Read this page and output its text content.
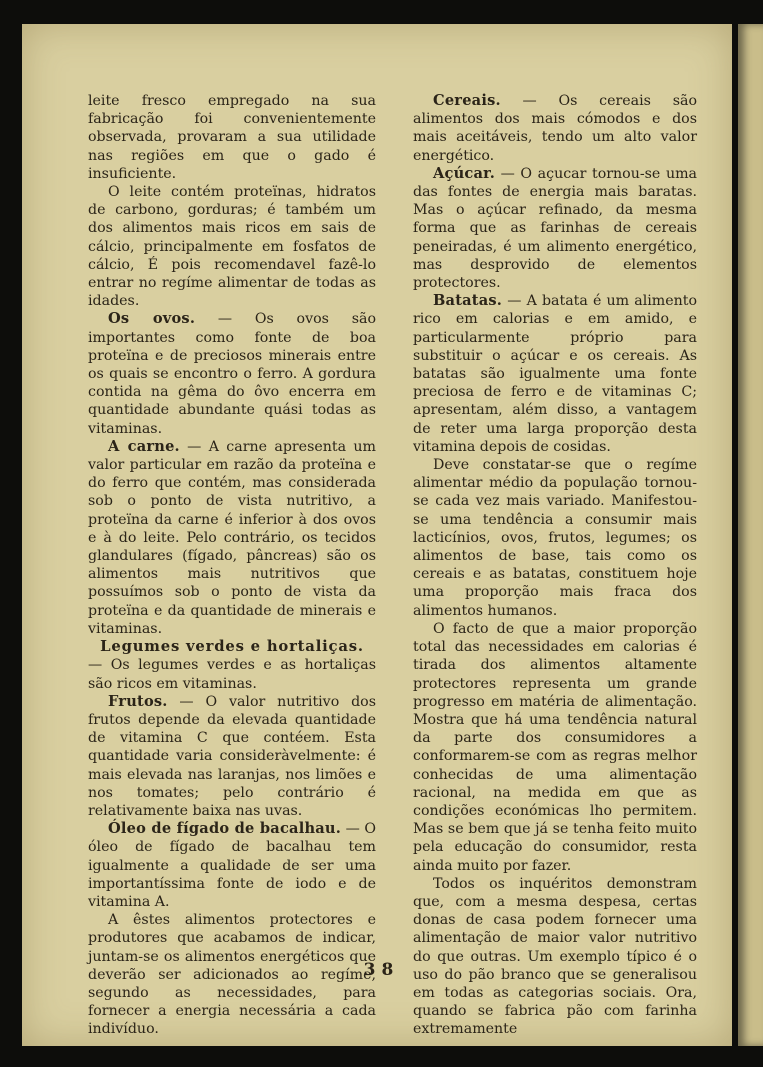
leite fresco empregado na sua fabricação foi convenientemente observada, provaram a sua utilidade nas regiões em que o gado é insuficiente.

O leite contém proteïnas, hidratos de carbono, gorduras; é também um dos alimentos mais ricos em sais de cálcio, principalmente em fosfatos de cálcio, É pois recomendavel fazê-lo entrar no regíme alimentar de todas as idades.

Os ovos. — Os ovos são importantes como fonte de boa proteïna e de preciosos minerais entre os quais se encontro o ferro. A gordura contida na gêma do ôvo encerra em quantidade abundante quási todas as vitaminas.

A carne. — A carne apresenta um valor particular em razão da proteïna e do ferro que contém, mas considerada sob o ponto de vista nutritivo, a proteïna da carne é inferior à dos ovos e à do leite. Pelo contrário, os tecidos glandulares (fígado, pâncreas) são os alimentos mais nutritivos que possuímos sob o ponto de vista da proteïna e da quantidade de minerais e vitaminas.

Legumes verdes e hortaliças.

— Os legumes verdes e as hortaliças são ricos em vitaminas.

Frutos. — O valor nutritivo dos frutos depende da elevada quantidade de vitamina C que contéem. Esta quantidade varia consideràvelmente: é mais elevada nas laranjas, nos limões e nos tomates; pelo contrário é relativamente baixa nas uvas.

Óleo de fígado de bacalhau. — O óleo de fígado de bacalhau tem igualmente a qualidade de ser uma importantíssima fonte de iodo e de vitamina A.

A êstes alimentos protectores e produtores que acabamos de indicar, juntam-se os alimentos energéticos que deverão ser adicionados ao regíme, segundo as necessidades, para fornecer a energia necessária a cada indivíduo.

Cereais. — Os cereais são alimentos dos mais cómodos e dos mais aceitáveis, tendo um alto valor energético.

Açúcar. — O açucar tornou-se uma das fontes de energia mais baratas. Mas o açúcar refinado, da mesma forma que as farinhas de cereais peneiradas, é um alimento energético, mas desprovido de elementos protectores.

Batatas. — A batata é um alimento rico em calorias e em amido, e particularmente próprio para substituir o açúcar e os cereais. As batatas são igualmente uma fonte preciosa de ferro e de vitaminas C; apresentam, além disso, a vantagem de reter uma larga proporção desta vitamina depois de cosidas.

Deve constatar-se que o regíme alimentar médio da população tornou-se cada vez mais variado. Manifestou-se uma tendência a consumir mais lacticínios, ovos, frutos, legumes; os alimentos de base, tais como os cereais e as batatas, constituem hoje uma proporção mais fraca dos alimentos humanos.

O facto de que a maior proporção total das necessidades em calorias é tirada dos alimentos altamente protectores representa um grande progresso em matéria de alimentação. Mostra que há uma tendência natural da parte dos consumidores a conformarem-se com as regras melhor conhecidas de uma alimentação racional, na medida em que as condições económicas lho permitem. Mas se bem que já se tenha feito muito pela educação do consumidor, resta ainda muito por fazer.

Todos os inquéritos demonstram que, com a mesma despesa, certas donas de casa podem fornecer uma alimentação de maior valor nutritivo do que outras. Um exemplo típico é o uso do pão branco que se generalisou em todas as categorias sociais. Ora, quando se fabrica pão com farinha extremamente

38
